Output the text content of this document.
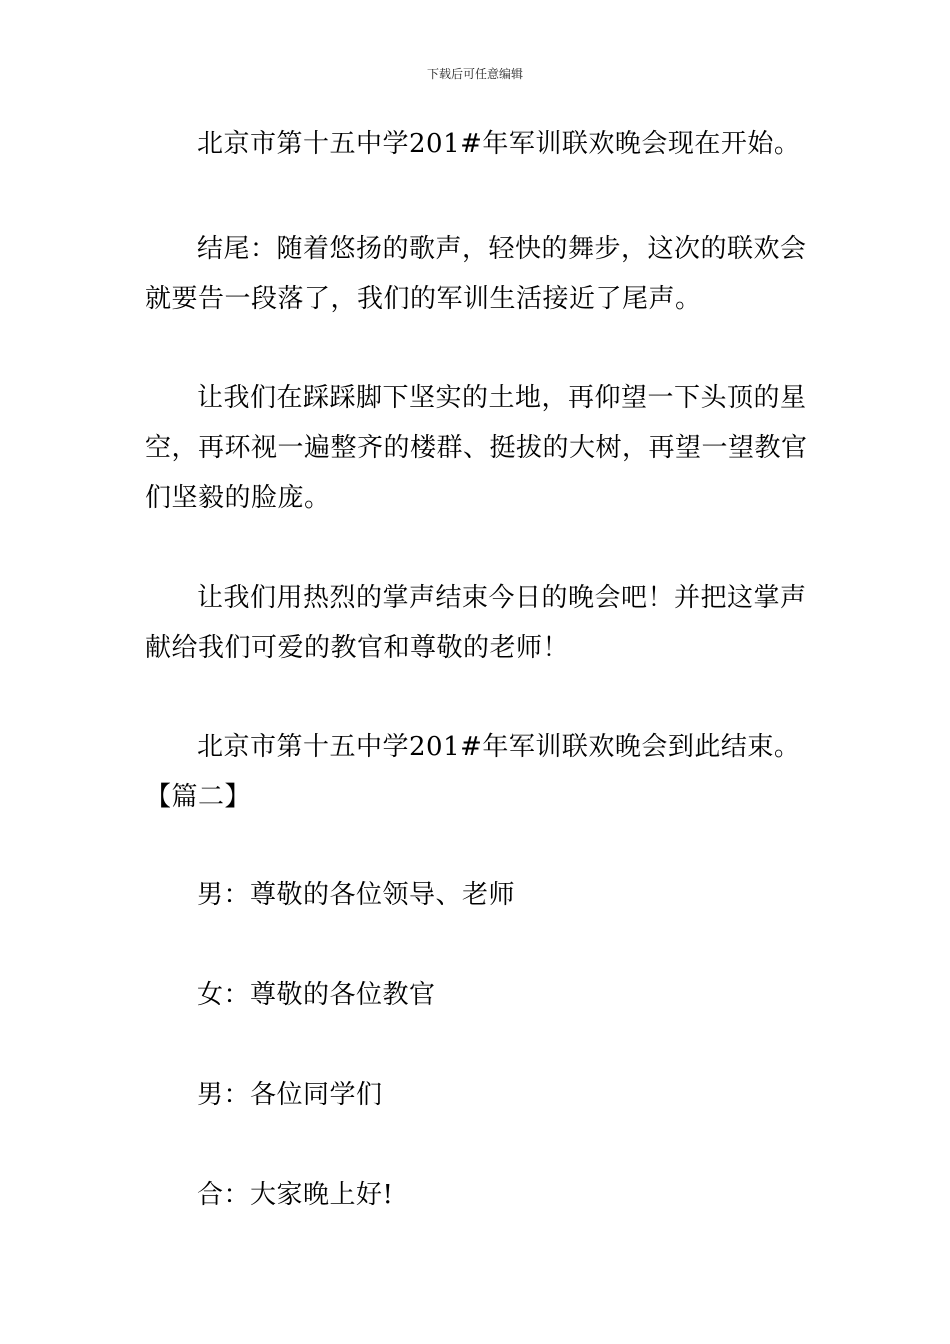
下载后可任意编辑

北京市第十五中学201#年军训联欢晚会现在开始。

结尾：随着悠扬的歌声，轻快的舞步，这次的联欢会就要告一段落了，我们的军训生活接近了尾声。

让我们在踩踩脚下坚实的土地，再仰望一下头顶的星空，再环视一遍整齐的楼群、挺拔的大树，再望一望教官们坚毅的脸庞。

让我们用热烈的掌声结束今日的晚会吧！并把这掌声献给我们可爱的教官和尊敬的老师！

北京市第十五中学201#年军训联欢晚会到此结束。

【篇二】

男：尊敬的各位领导、老师

女：尊敬的各位教官

男：各位同学们

合：大家晚上好!
